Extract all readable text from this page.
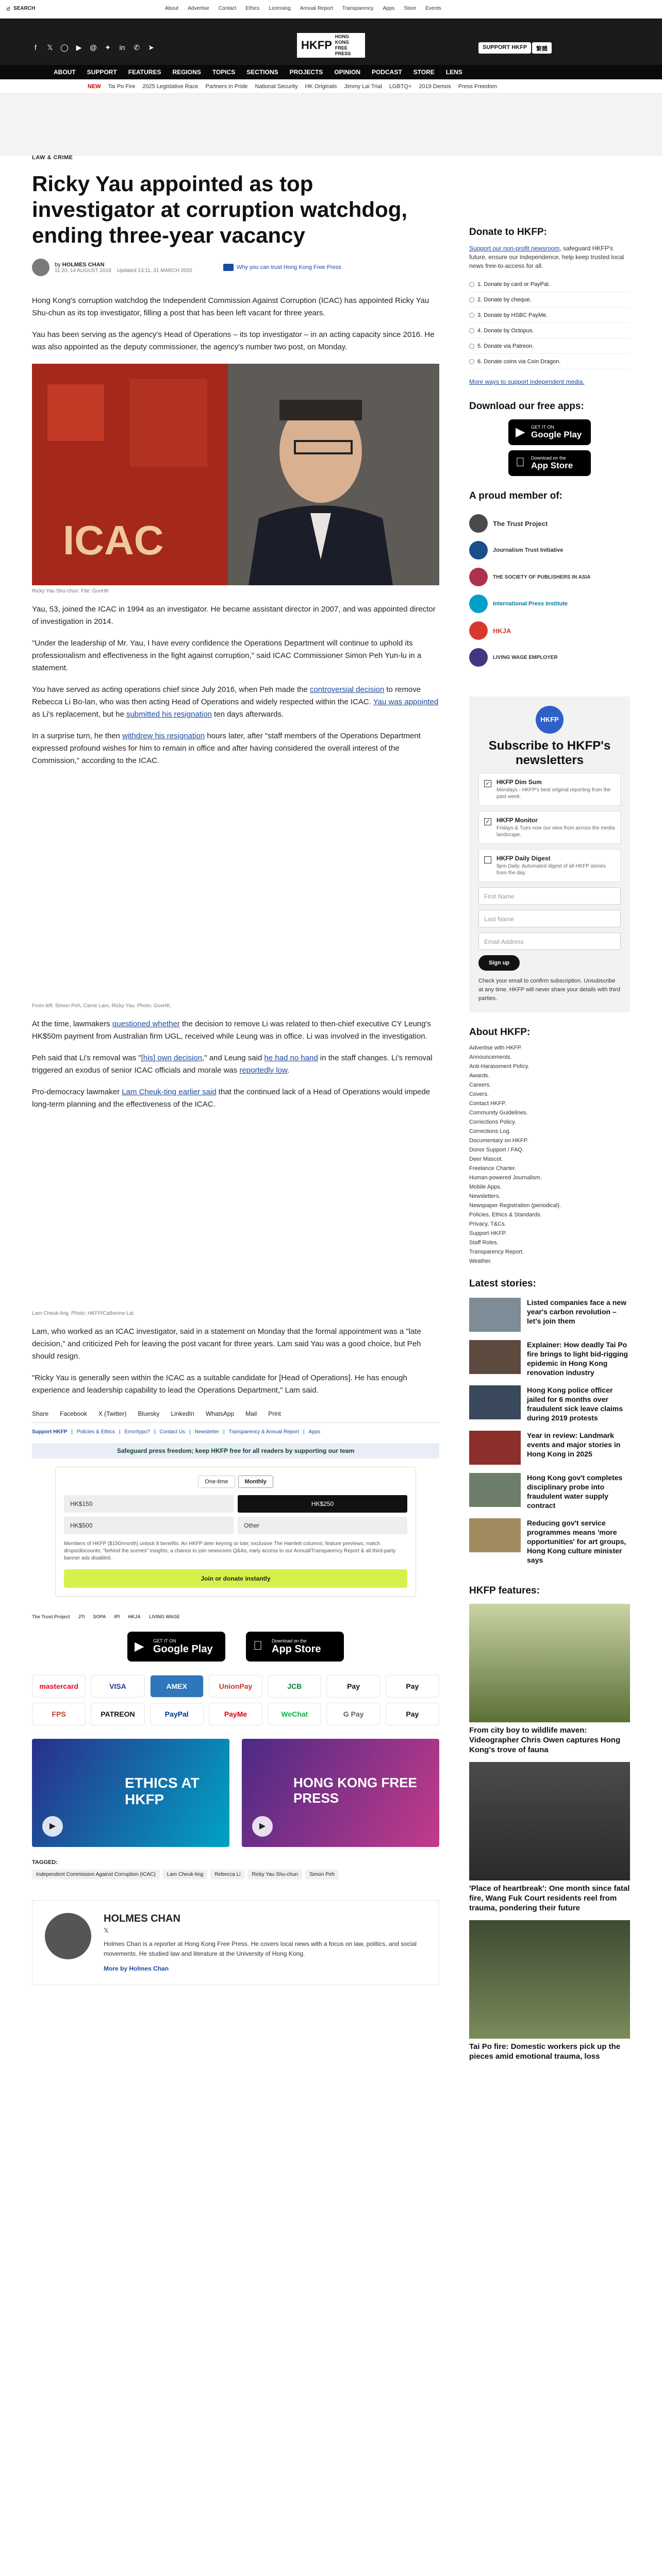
☌ SEARCH	About Advertise Contact Ethics Licensing Annual Report Transparency Apps Store Events
f	𝕏 ◯ ▶ @ ✦ in ✆ ➤	HKFP
HONG KONG
FREE PRESS
SUPPORT HKFP	繁體
ABOUT SUPPORT FEATURES REGIONS TOPICS SECTIONS PROJECTS OPINION PODCAST STORE LENS
NEW Tai Po Fire 2025 Legislative Race Partners in Pride National Security HK Originals Jimmy Lai Trial LGBTQ+ 2019 Demos Press Freedom
LAW & CRIME
Ricky Yau appointed as top investigator at corruption watchdog, ending three-year vacancy
by HOLMES CHAN
11:20, 14 AUGUST 2018 Updated 13:11, 31 MARCH 2020	Why you can trust Hong Kong Free Press

Hong Kong's corruption watchdog the Independent Commission Against Corruption (ICAC) has appointed Ricky Yau Shu-chun as its top investigator, filling a post that has been left vacant for three years.

Yau has been serving as the agency's Head of Operations – its top investigator – in an acting capacity since 2016. He was also appointed as the deputy commissioner, the agency's number two post, on Monday.

ICAC
Ricky Yau Shu-chun. File: GovHK

Yau, 53, joined the ICAC in 1994 as an investigator. He became assistant director in 2007, and was appointed director of investigation in 2014.

"Under the leadership of Mr. Yau, I have every confidence the Operations Department will continue to uphold its professionalism and effectiveness in the fight against corruption," said ICAC Commissioner Simon Peh Yun-lu in a statement.

You have served as acting operations chief since July 2016, when Peh made the controversial decision to remove Rebecca Li Bo-lan, who was then acting Head of Operations and widely respected within the ICAC. Yau was appointed as Li's replacement, but he submitted his resignation ten days afterwards.

In a surprise turn, he then withdrew his resignation hours later, after "staff members of the Operations Department expressed profound wishes for him to remain in office and after having considered the overall interest of the Commission," according to the ICAC.

From left: Simon Peh, Carrie Lam, Ricky Yau. Photo: GovHK.

At the time, lawmakers questioned whether the decision to remove Li was related to then-chief executive CY Leung's HK$50m payment from Australian firm UGL, received while Leung was in office. Li was involved in the investigation.

Peh said that Li's removal was "[his] own decision," and Leung said he had no hand in the staff changes. Li's removal triggered an exodus of senior ICAC officials and morale was reportedly low.

Pro-democracy lawmaker Lam Cheuk-ting earlier said that the continued lack of a Head of Operations would impede long-term planning and the effectiveness of the ICAC.

Lam Cheuk-ting. Photo: HKFP/Catherine Lai.

Lam, who worked as an ICAC investigator, said in a statement on Monday that the formal appointment was a "late decision," and criticized Peh for leaving the post vacant for three years. Lam said Yau was a good choice, but Peh should resign.

"Ricky Yau is generally seen within the ICAC as a suitable candidate for [Head of Operations]. He has enough experience and leadership capability to lead the Operations Department," Lam said.

Share Facebook X (Twitter) Bluesky LinkedIn WhatsApp Mail Print
Support HKFP | Policies & Ethics | Error/typo? | Contact Us | Newsletter | Transparency & Annual Report | Apps
Safeguard press freedom; keep HKFP free for all readers by supporting our team
One-time	Monthly
HK$150	HK$250
HK$500	Other
Members of HKFP ($150/month) unlock 8 benefits: An HKFP deer keyring or tote; exclusive The Hamlett columns; feature previews; match drops/discounts; "behind the scenes" insights; a chance to join newsroom Q&As, early access to our Annual/Transparency Report & all third-party banner ads disabled.
Join or donate instantly
The Trust Project JTI SOPA IPI HKJA LIVING WAGE
▶	GET IT ON
Google Play
Download on the
App Store
mastercard	VISA	AMEX	UnionPay	JCB	Pay	Pay
FPS	PATREON	PayPal	PayMe	WeChat	G Pay	Pay
ETHICS AT HKFP
▶
HONG KONG FREE PRESS
▶
TAGGED:
Independent Commission Against Corruption (ICAC)	Lam Cheuk-ting	Rebecca Li	Ricky Yau Shu-chun	Simon Peh
HOLMES CHAN
𝕏
Holmes Chan is a reporter at Hong Kong Free Press. He covers local news with a focus on law, politics, and social movements. He studied law and literature at the University of Hong Kong.
More by Holmes Chan
Donate to HKFP:

Support our non-profit newsroom, safeguard HKFP's future, ensure our independence, help keep trusted local news free-to-access for all.

1. Donate by card or PayPal.
2. Donate by cheque.
3. Donate by HSBC PayMe.
4. Donate by Octopus.
5. Donate via Patreon.
6. Donate coins via Coin Dragon.

More ways to support independent media.

Download our free apps:
▶	GET IT ON
Google Play
Download on the
App Store
A proud member of:
The Trust Project
Journalism Trust Initiative
THE SOCIETY OF PUBLISHERS IN ASIA
International Press Institute
HKJA
LIVING WAGE EMPLOYER
HKFP
Subscribe to HKFP's newsletters
✓ HKFP Dim Sum
Mondays - HKFP's best original reporting from the past week.
✓ HKFP Monitor
Fridays & Tues now our view from across the media landscape.
HKFP Daily Digest
9pm Daily. Automated digest of all HKFP stories from the day.
First Name
Last Name
Email Address
Sign up

Check your email to confirm subscription. Unsubscribe at any time. HKFP will never share your details with third parties.

About HKFP:
Advertise with HKFP.
Announcements.
Anti-Harassment Policy.
Awards.
Careers.
Covers.
Contact HKFP.
Community Guidelines.
Corrections Policy.
Corrections Log.
Documentary on HKFP.
Donor Support / FAQ.
Deer Mascot.
Freelance Charter.
Human-powered Journalism.
Mobile Apps.
Newsletters.
Newspaper Registration (periodical).
Policies, Ethics & Standards.
Privacy, T&Cs.
Support HKFP.
Staff Roles.
Transparency Report.
Weather.
Latest stories:
Listed companies face a new year's carbon revolution – let's join them
Explainer: How deadly Tai Po fire brings to light bid-rigging epidemic in Hong Kong renovation industry
Hong Kong police officer jailed for 6 months over fraudulent sick leave claims during 2019 protests
Year in review: Landmark events and major stories in Hong Kong in 2025
Hong Kong gov't completes disciplinary probe into fraudulent water supply contract
Reducing gov't service programmes means 'more opportunities' for art groups, Hong Kong culture minister says
HKFP features:
From city boy to wildlife maven: Videographer Chris Owen captures Hong Kong's trove of fauna
'Place of heartbreak': One month since fatal fire, Wang Fuk Court residents reel from trauma, pondering their future
Tai Po fire: Domestic workers pick up the pieces amid emotional trauma, loss
